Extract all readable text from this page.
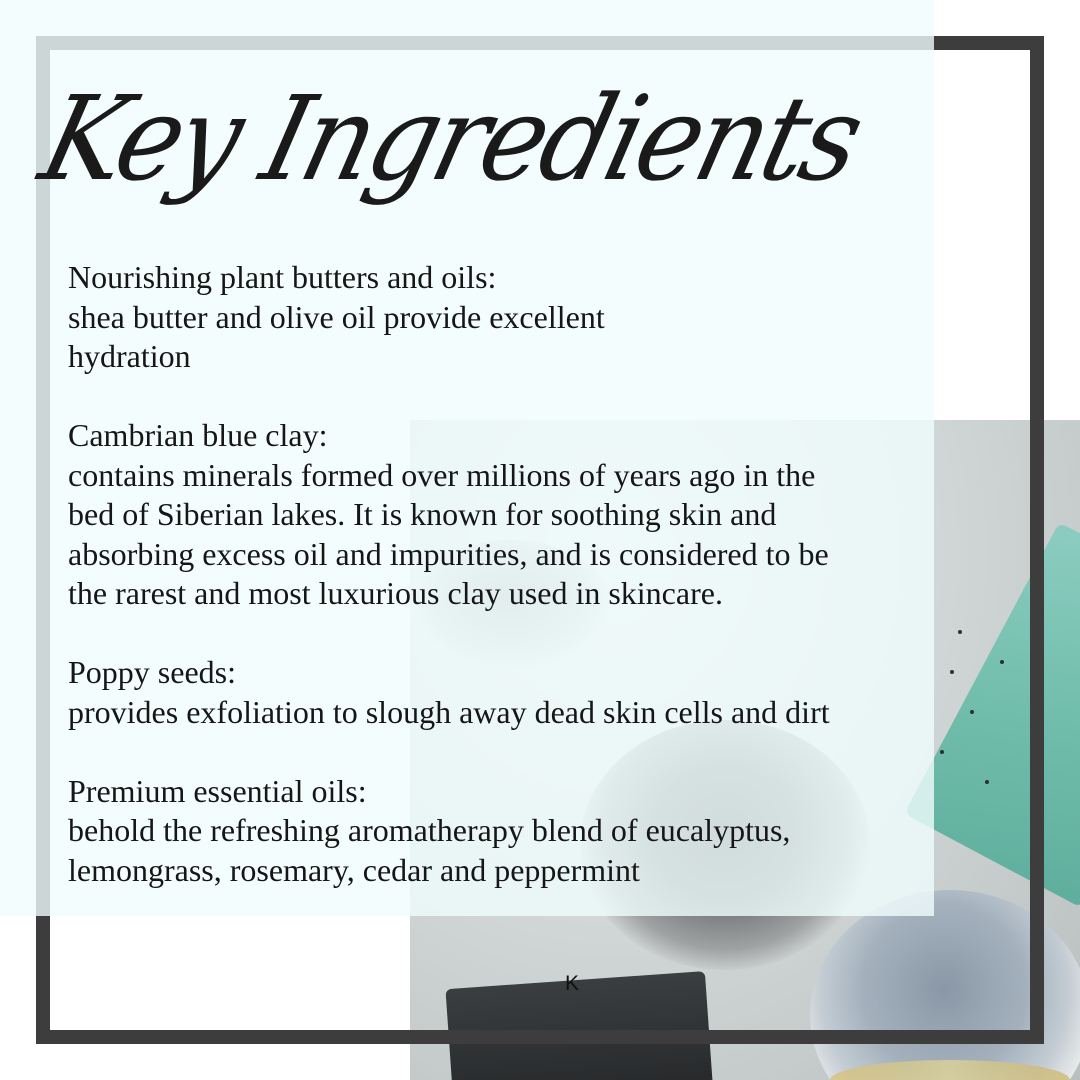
Key Ingredients

Nourishing plant butters and oils:

shea butter and olive oil provide excellent

hydration

Cambrian blue clay:

contains minerals formed over millions of years ago in the

bed of Siberian lakes. It is known for soothing skin and

absorbing excess oil and impurities, and is considered to be

the rarest and most luxurious clay used in skincare.

Poppy seeds:

provides exfoliation to slough away dead skin cells and dirt

Premium essential oils:

behold the refreshing aromatherapy blend of eucalyptus,

lemongrass, rosemary, cedar and peppermint

K
